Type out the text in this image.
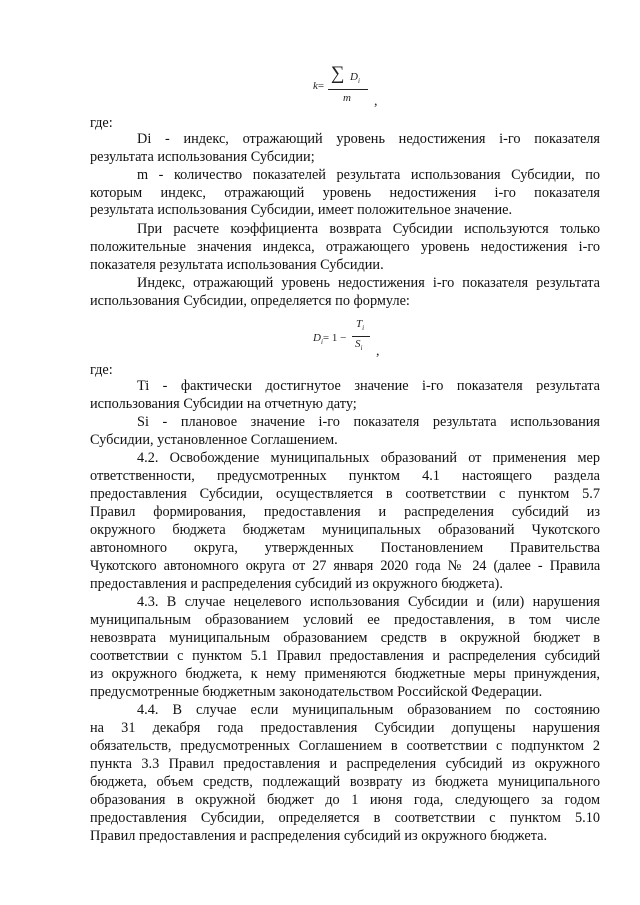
k=
∑ $D_i$
m ,

где:

Di - индекс, отражающий уровень недостижения i-го показателя

результата использования Субсидии;

m - количество показателей результата использования Субсидии, по

которым индекс, отражающий уровень недостижения i-го показателя

результата использования Субсидии, имеет положительное значение.

При расчете коэффициента возврата Субсидии используются только

положительные значения индекса, отражающего уровень недостижения i-го

показателя результата использования Субсидии.

Индекс, отражающий уровень недостижения i-го показателя результата

использования Субсидии, определяется по формуле:

$D_i= 1$ −
$T_i$
$S_i$ ,

где:

Ti - фактически достигнутое значение i-го показателя результата

использования Субсидии на отчетную дату;

Si - плановое значение i-го показателя результата использования

Субсидии, установленное Соглашением.

4.2. Освобождение муниципальных образований от применения мер

ответственности, предусмотренных пунктом 4.1 настоящего раздела

предоставления Субсидии, осуществляется в соответствии с пунктом 5.7

Правил формирования, предоставления и распределения субсидий из

окружного бюджета бюджетам муниципальных образований Чукотского

автономного округа, утвержденных Постановлением Правительства

Чукотского автономного округа от 27 января 2020 года № 24 (далее - Правила

предоставления и распределения субсидий из окружного бюджета).

4.3. В случае нецелевого использования Субсидии и (или) нарушения

муниципальным образованием условий ее предоставления, в том числе

невозврата муниципальным образованием средств в окружной бюджет в

соответствии с пунктом 5.1 Правил предоставления и распределения субсидий

из окружного бюджета, к нему применяются бюджетные меры принуждения,

предусмотренные бюджетным законодательством Российской Федерации.

4.4. В случае если муниципальным образованием по состоянию

на 31 декабря года предоставления Субсидии допущены нарушения

обязательств, предусмотренных Соглашением в соответствии с подпунктом 2

пункта 3.3 Правил предоставления и распределения субсидий из окружного

бюджета, объем средств, подлежащий возврату из бюджета муниципального

образования в окружной бюджет до 1 июня года, следующего за годом

предоставления Субсидии, определяется в соответствии с пунктом 5.10

Правил предоставления и распределения субсидий из окружного бюджета.
